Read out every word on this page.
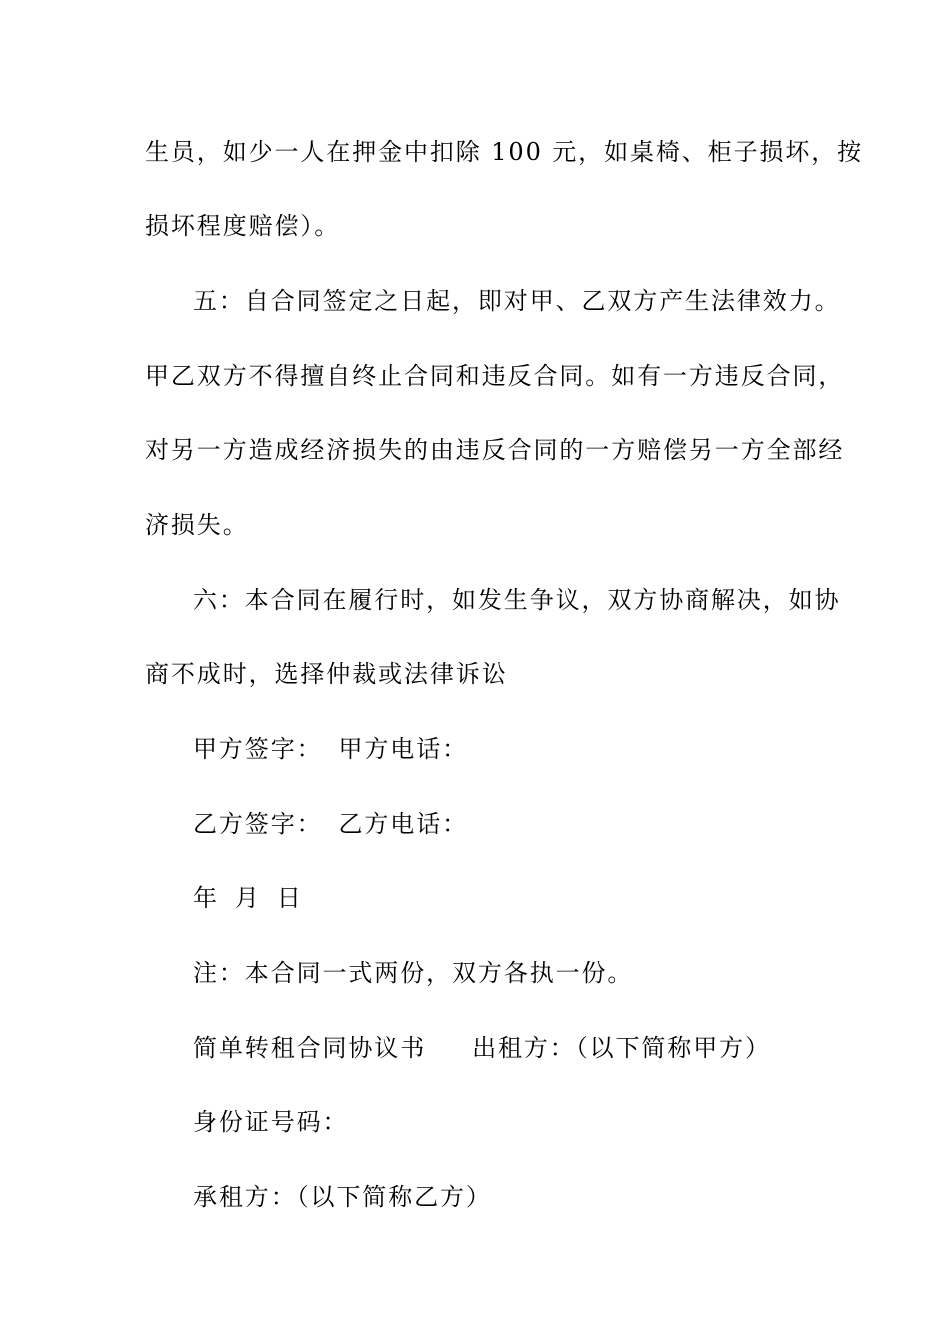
生员，如少一人在押金中扣除 100 元，如桌椅、柜子损坏，按
损坏程度赔偿）。
五：自合同签定之日起，即对甲、乙双方产生法律效力。
甲乙双方不得擅自终止合同和违反合同。如有一方违反合同，
对另一方造成经济损失的由违反合同的一方赔偿另一方全部经
济损失。
六：本合同在履行时，如发生争议，双方协商解决，如协
商不成时，选择仲裁或法律诉讼
甲方签字： 甲方电话：
乙方签字： 乙方电话：
年 月 日
注：本合同一式两份，双方各执一份。
简单转租合同协议书 出租方：（以下简称甲方）
身份证号码：
承租方：（以下简称乙方）
